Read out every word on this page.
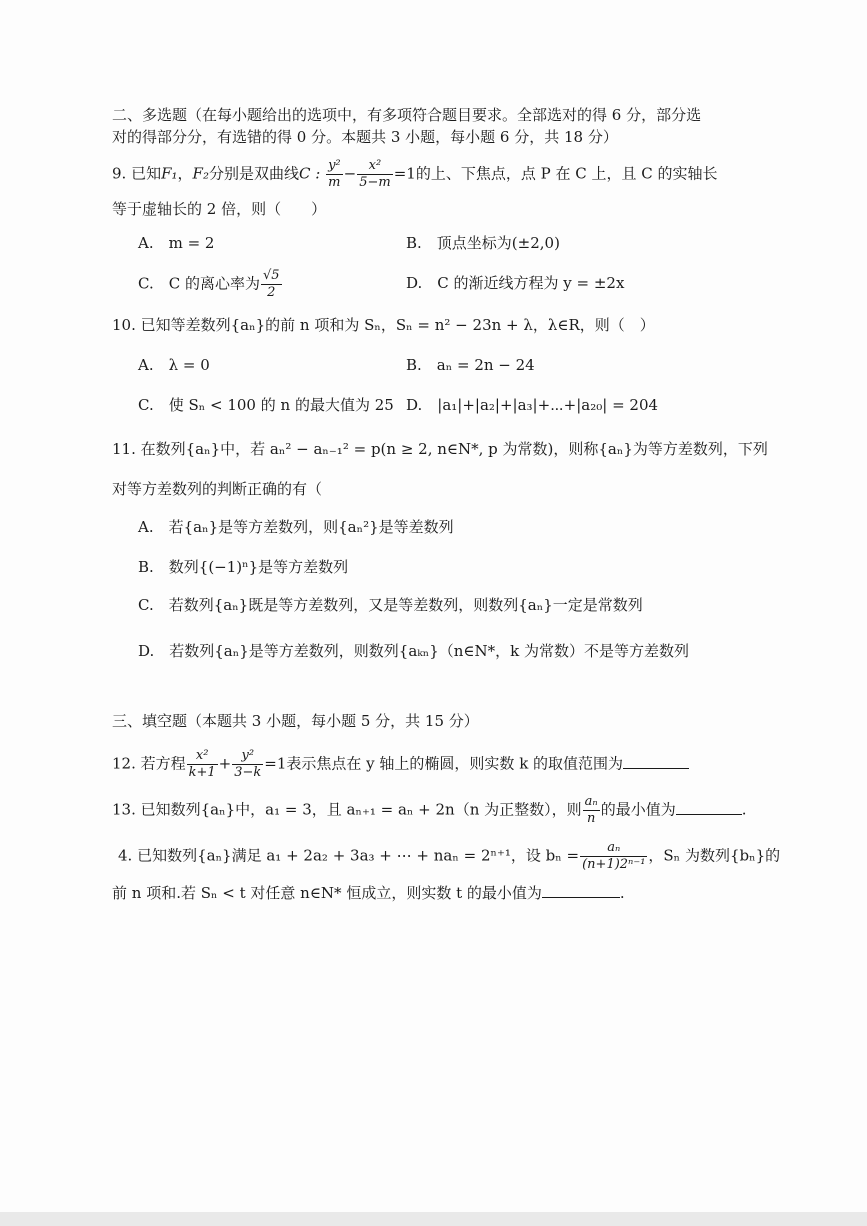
二、多选题（在每小题给出的选项中，有多项符合题目要求。全部选对的得 6 分，部分选
对的得部分分，有选错的得 0 分。本题共 3 小题，每小题 6 分，共 18 分）
9. 已知F₁，F₂分别是双曲线C : $\frac{\text{y²}}{m} - \frac{\text{x²}}{5-m} =1$的上、下焦点，点 P 在 C 上，且 C 的实轴长
等于虚轴长的 2 倍，则（　　）
A.　m = 2	B.　顶点坐标为(±2,0)
C.　C 的离心率为 $\frac{√5}{2}$	D.　C 的渐近线方程为 y = ±2x
10. 已知等差数列{aₙ}的前 n 项和为 Sₙ，Sₙ = n² − 23n + λ，λ∈R，则（　）
A.　λ = 0	B.　aₙ = 2n − 24
C.　使 Sₙ < 100 的 n 的最大值为 25 D.　|a₁|+|a₂|+|a₃|+⋯+|a₂₀| = 204
11. 在数列{aₙ}中，若 aₙ² − aₙ₋₁² = p(n ≥ 2, n∈N*, p 为常数)，则称{aₙ}为等方差数列，下列
对等方差数列的判断正确的有（
A.　若{aₙ}是等方差数列，则{aₙ²}是等差数列
B.　数列{(−1)ⁿ}是等方差数列
C.　若数列{aₙ}既是等方差数列，又是等差数列，则数列{aₙ}一定是常数列
D.　若数列{aₙ}是等方差数列，则数列{aₖₙ}（n∈N*，k 为常数）不是等方差数列
三、填空题（本题共 3 小题，每小题 5 分，共 15 分）
12. 若方程 $\frac{\text{x²}}{k+1} + \frac{\text{y²}}{3-k} =1$表示焦点在 y 轴上的椭圆，则实数 k 的取值范围为
13. 已知数列{aₙ}中，a₁ = 3，且 aₙ₊₁ = aₙ + 2n（n 为正整数），则 $\frac{\text{aₙ}}{n}$ 的最小值为	.
4. 已知数列{aₙ}满足 a₁ + 2a₂ + 3a₃ + ⋯ + naₙ = 2ⁿ⁺¹，设 $b_n = \frac{\text{aₙ}}{\text{(n+1)2ⁿ⁻¹}}$ ，Sₙ 为数列{bₙ}的
前 n 项和.若 Sₙ < t 对任意 n∈N* 恒成立，则实数 t 的最小值为	.
